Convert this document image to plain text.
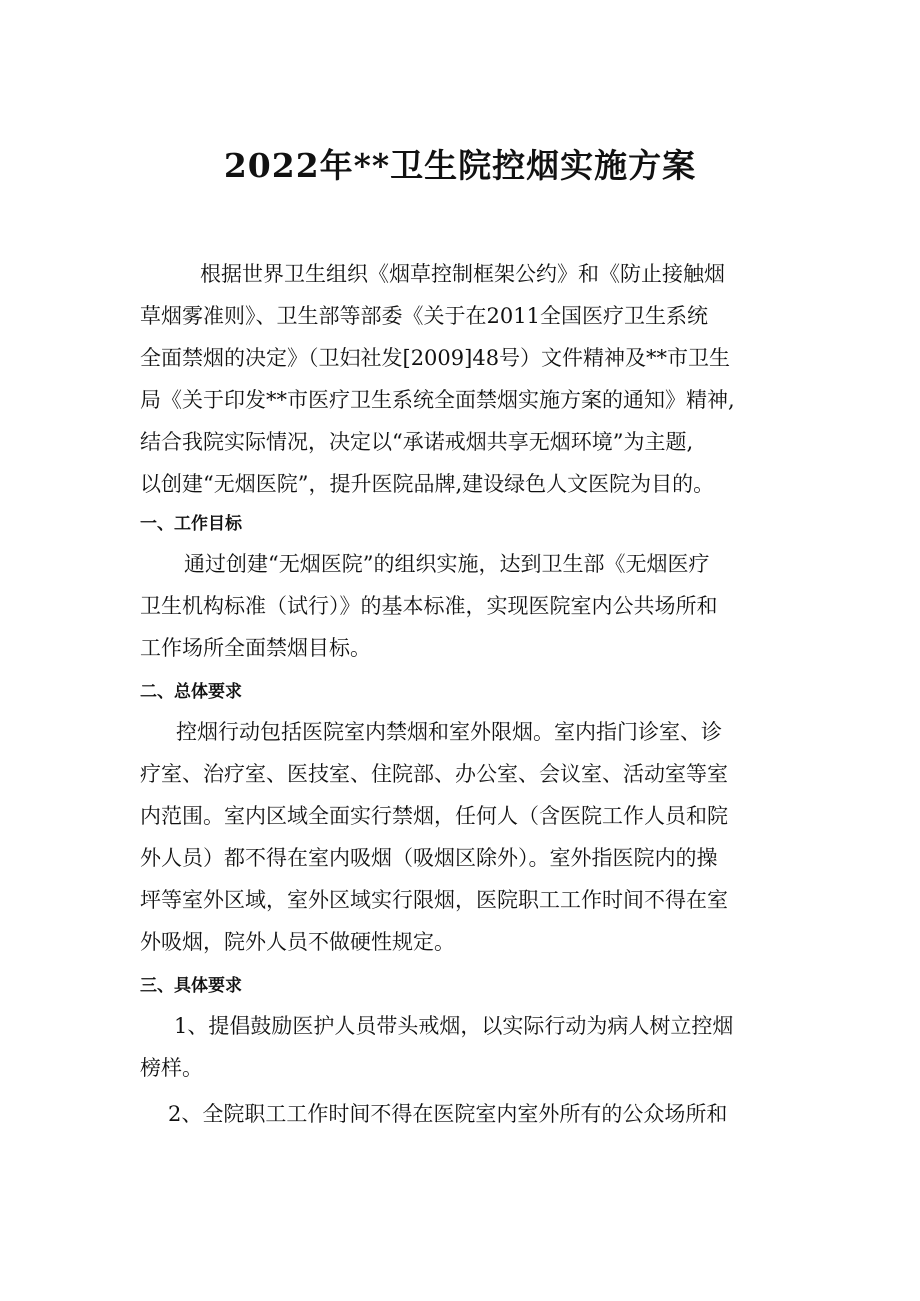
2022年**卫生院控烟实施方案

根据世界卫生组织《烟草控制框架公约》和《防止接触烟
草烟雾准则》、卫生部等部委《关于在2011全国医疗卫生系统
全面禁烟的决定》（卫妇社发[2009]48号）文件精神及**市卫生
局《关于印发**市医疗卫生系统全面禁烟实施方案的通知》精神,
结合我院实际情况，决定以“承诺戒烟共享无烟环境”为主题,
以创建“无烟医院”，提升医院品牌,建设绿色人文医院为目的。

一、工作目标

通过创建“无烟医院”的组织实施，达到卫生部《无烟医疗
卫生机构标准（试行）》的基本标准，实现医院室内公共场所和
工作场所全面禁烟目标。

二、总体要求

控烟行动包括医院室内禁烟和室外限烟。室内指门诊室、诊
疗室、治疗室、医技室、住院部、办公室、会议室、活动室等室
内范围。室内区域全面实行禁烟，任何人（含医院工作人员和院
外人员）都不得在室内吸烟（吸烟区除外）。室外指医院内的操
坪等室外区域，室外区域实行限烟，医院职工工作时间不得在室
外吸烟，院外人员不做硬性规定。

三、具体要求

1、提倡鼓励医护人员带头戒烟，以实际行动为病人树立控烟
榜样。

2、全院职工工作时间不得在医院室内室外所有的公众场所和
